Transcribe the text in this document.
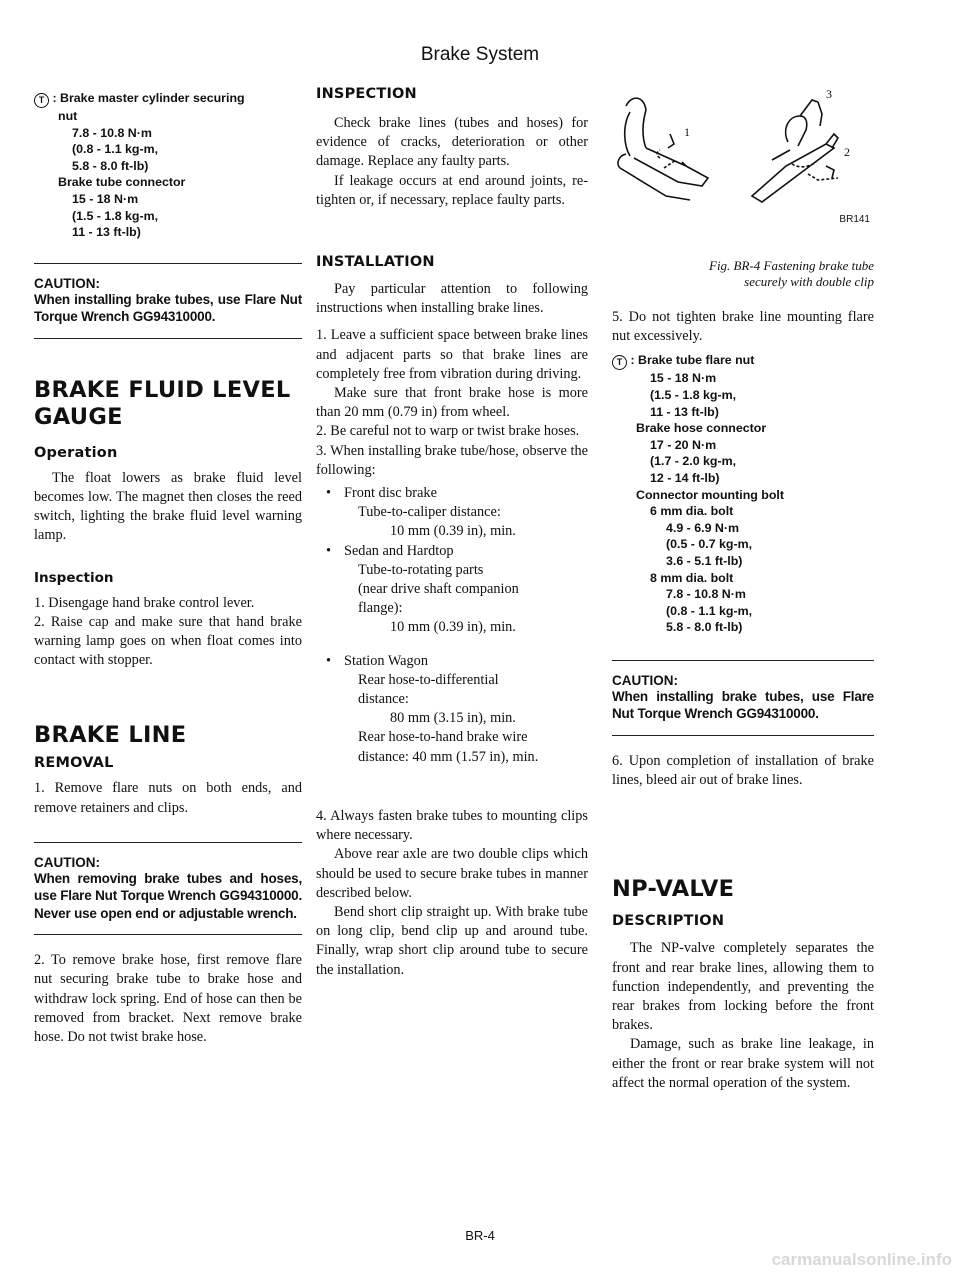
Brake System
T : Brake master cylinder securing
nut
7.8 - 10.8 N·m
(0.8 - 1.1 kg-m,
5.8 - 8.0 ft-lb)
Brake tube connector
15 - 18 N·m
(1.5 - 1.8 kg-m,
11 - 13 ft-lb)
CAUTION:
When installing brake tubes, use Flare Nut Torque Wrench GG94310000.
BRAKE FLUID LEVEL
GAUGE
Operation

The float lowers as brake fluid level becomes low. The magnet then closes the reed switch, lighting the brake fluid level warning lamp.

Inspection

1. Disengage hand brake control lever.

2. Raise cap and make sure that hand brake warning lamp goes on when float comes into contact with stopper.

BRAKE LINE
REMOVAL

1. Remove flare nuts on both ends, and remove retainers and clips.

CAUTION:
When removing brake tubes and hoses, use Flare Nut Torque Wrench GG94310000. Never use open end or adjustable wrench.

2. To remove brake hose, first remove flare nut securing brake tube to brake hose and withdraw lock spring. End of hose can then be removed from bracket. Next remove brake hose. Do not twist brake hose.

INSPECTION

Check brake lines (tubes and hoses) for evidence of cracks, deterioration or other damage. Replace any faulty parts.

If leakage occurs at end around joints, re-tighten or, if necessary, replace faulty parts.

INSTALLATION

Pay particular attention to following instructions when installing brake lines.

1. Leave a sufficient space between brake lines and adjacent parts so that brake lines are completely free from vibration during driving.

Make sure that front brake hose is more than 20 mm (0.79 in) from wheel.

2. Be careful not to warp or twist brake hoses.

3. When installing brake tube/hose, observe the following:

• Front disc brake
Tube-to-caliper distance:
10 mm (0.39 in), min.
• Sedan and Hardtop
Tube-to-rotating parts
(near drive shaft companion
flange):
10 mm (0.39 in), min.
• Station Wagon
Rear hose-to-differential
distance:
80 mm (3.15 in), min.
Rear hose-to-hand brake wire
distance: 40 mm (1.57 in), min.

4. Always fasten brake tubes to mounting clips where necessary.

Above rear axle are two double clips which should be used to secure brake tubes in manner described below.

Bend short clip straight up. With brake tube on long clip, bend clip up and around tube. Finally, wrap short clip around tube to secure the installation.

1
2
3
BR141

Fig. BR-4 Fastening brake tube

securely with double clip

5. Do not tighten brake line mounting flare nut excessively.

T : Brake tube flare nut
15 - 18 N·m
(1.5 - 1.8 kg-m,
11 - 13 ft-lb)
Brake hose connector
17 - 20 N·m
(1.7 - 2.0 kg-m,
12 - 14 ft-lb)
Connector mounting bolt
6 mm dia. bolt
4.9 - 6.9 N·m
(0.5 - 0.7 kg-m,
3.6 - 5.1 ft-lb)
8 mm dia. bolt
7.8 - 10.8 N·m
(0.8 - 1.1 kg-m,
5.8 - 8.0 ft-lb)
CAUTION:
When installing brake tubes, use Flare Nut Torque Wrench GG94310000.

6. Upon completion of installation of brake lines, bleed air out of brake lines.

NP-VALVE
DESCRIPTION

The NP-valve completely separates the front and rear brake lines, allowing them to function independently, and preventing the rear brakes from locking before the front brakes.

Damage, such as brake line leakage, in either the front or rear brake system will not affect the normal operation of the system.

BR-4
carmanualsonline.info
